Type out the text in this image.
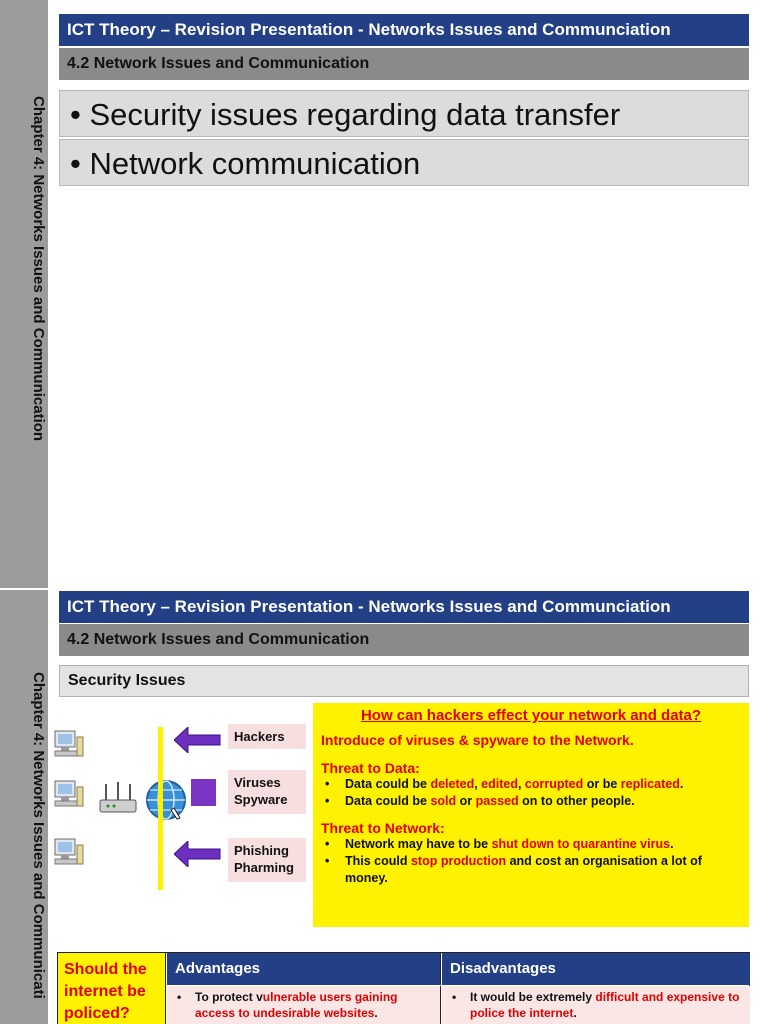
Chapter 4: Networks Issues and Communication
ICT Theory – Revision Presentation - Networks Issues and Communciation
4.2 Network Issues and Communication
• Security issues regarding data transfer
• Network communication
Chapter 4: Networks Issues and Communicati
ICT Theory – Revision Presentation - Networks Issues and Communciation
4.2 Network Issues and Communication
Security Issues
Hackers
Viruses
Spyware
Phishing
Pharming
How can hackers effect your network and data?
Introduce of viruses & spyware to the Network.
Threat to Data:
• Data could be deleted, edited, corrupted or be replicated.
• Data could be sold or passed on to other people.
Threat to Network:
• Network may have to be shut down to quarantine virus.
• This could stop production and cost an organisation a lot of money.
Should the internet be policed?
Advantages	Disadvantages
• To protect vulnerable users gaining access to undesirable websites.
• It would be extremely difficult and expensive to police the internet.
